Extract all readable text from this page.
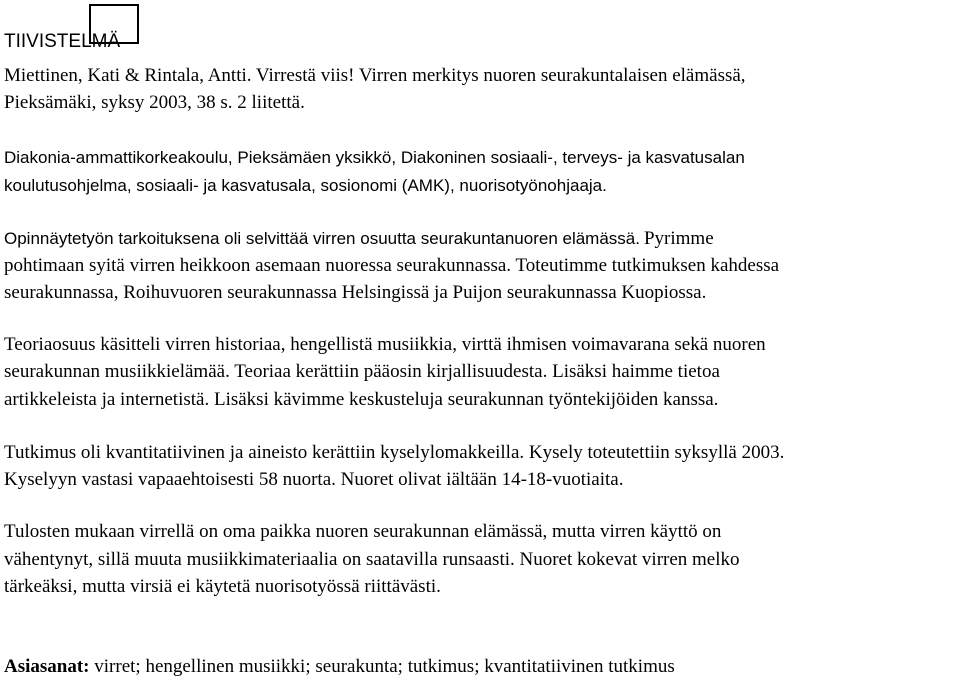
TIIVISTELMÄ
Miettinen, Kati & Rintala, Antti. Virrestä viis! Virren merkitys nuoren seurakuntalaisen elämässä,
Pieksämäki, syksy 2003, 38 s. 2 liitettä.
Diakonia-ammattikorkeakoulu, Pieksämäen yksikkö, Diakoninen sosiaali-, terveys- ja kasvatusalan
koulutusohjelma, sosiaali- ja kasvatusala, sosionomi (AMK), nuorisotyönohjaaja.
Opinnäytetyön tarkoituksena oli selvittää virren osuutta seurakuntanuoren elämässä. Pyrimme
pohtimaan syitä virren heikkoon asemaan nuoressa seurakunnassa. Toteutimme tutkimuksen kahdessa
seurakunnassa, Roihuvuoren seurakunnassa Helsingissä ja Puijon seurakunnassa Kuopiossa.
Teoriaosuus käsitteli virren historiaa, hengellistä musiikkia, virttä ihmisen voimavarana sekä nuoren
seurakunnan musiikkielämää. Teoriaa kerättiin pääosin kirjallisuudesta. Lisäksi haimme tietoa
artikkeleista ja internetistä. Lisäksi kävimme keskusteluja seurakunnan työntekijöiden kanssa.
Tutkimus oli kvantitatiivinen ja aineisto kerättiin kyselylomakkeilla. Kysely toteutettiin syksyllä 2003.
Kyselyyn vastasi vapaaehtoisesti 58 nuorta. Nuoret olivat iältään 14-18-vuotiaita.
Tulosten mukaan virrellä on oma paikka nuoren seurakunnan elämässä, mutta virren käyttö on
vähentynyt, sillä muuta musiikkimateriaalia on saatavilla runsaasti. Nuoret kokevat virren melko
tärkeäksi, mutta virsiä ei käytetä nuorisotyössä riittävästi.
Asiasanat: virret; hengellinen musiikki; seurakunta; tutkimus; kvantitatiivinen tutkimus
